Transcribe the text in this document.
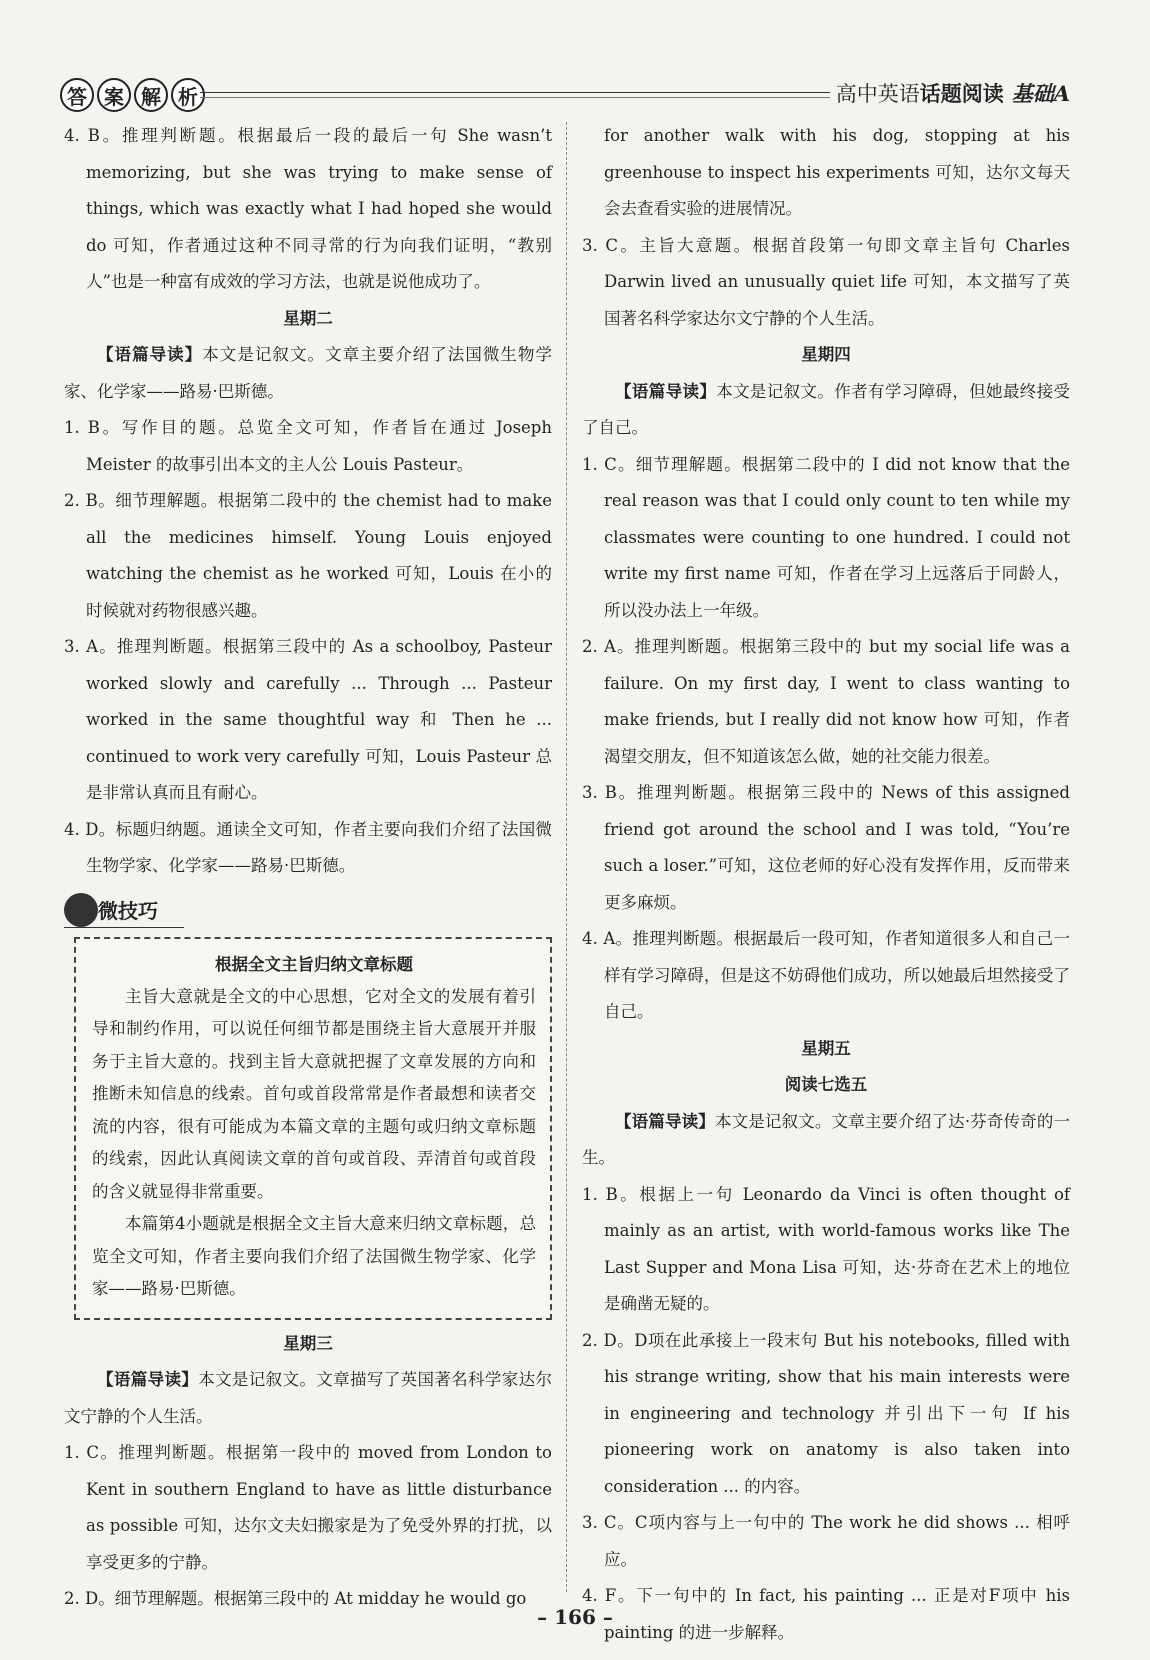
答 案 解 析	高中英语话题阅读 基础A

4. B。推理判断题。根据最后一段的最后一句 She wasn’t memorizing, but she was trying to make sense of things, which was exactly what I had hoped she would do 可知，作者通过这种不同寻常的行为向我们证明，“教别人”也是一种富有成效的学习方法，也就是说他成功了。

星期二

【语篇导读】本文是记叙文。文章主要介绍了法国微生物学家、化学家——路易·巴斯德。

1. B。写作目的题。总览全文可知，作者旨在通过 Joseph Meister 的故事引出本文的主人公 Louis Pasteur。

2. B。细节理解题。根据第二段中的 the chemist had to make all the medicines himself. Young Louis enjoyed watching the chemist as he worked 可知，Louis 在小的时候就对药物很感兴趣。

3. A。推理判断题。根据第三段中的 As a schoolboy, Pasteur worked slowly and carefully ... Through ... Pasteur worked in the same thoughtful way 和 Then he ... continued to work very carefully 可知，Louis Pasteur 总是非常认真而且有耐心。

4. D。标题归纳题。通读全文可知，作者主要向我们介绍了法国微生物学家、化学家——路易·巴斯德。

微技巧
根据全文主旨归纳文章标题

主旨大意就是全文的中心思想，它对全文的发展有着引导和制约作用，可以说任何细节都是围绕主旨大意展开并服务于主旨大意的。找到主旨大意就把握了文章发展的方向和推断未知信息的线索。首句或首段常常是作者最想和读者交流的内容，很有可能成为本篇文章的主题句或归纳文章标题的线索，因此认真阅读文章的首句或首段、弄清首句或首段的含义就显得非常重要。

本篇第4小题就是根据全文主旨大意来归纳文章标题，总览全文可知，作者主要向我们介绍了法国微生物学家、化学家——路易·巴斯德。

星期三

【语篇导读】本文是记叙文。文章描写了英国著名科学家达尔文宁静的个人生活。

1. C。推理判断题。根据第一段中的 moved from London to Kent in southern England to have as little disturbance as possible 可知，达尔文夫妇搬家是为了免受外界的打扰，以享受更多的宁静。

2. D。细节理解题。根据第三段中的 At midday he would go

for another walk with his dog, stopping at his greenhouse to inspect his experiments 可知，达尔文每天会去查看实验的进展情况。

3. C。主旨大意题。根据首段第一句即文章主旨句 Charles Darwin lived an unusually quiet life 可知，本文描写了英国著名科学家达尔文宁静的个人生活。

星期四

【语篇导读】本文是记叙文。作者有学习障碍，但她最终接受了自己。

1. C。细节理解题。根据第二段中的 I did not know that the real reason was that I could only count to ten while my classmates were counting to one hundred. I could not write my first name 可知，作者在学习上远落后于同龄人，所以没办法上一年级。

2. A。推理判断题。根据第三段中的 but my social life was a failure. On my first day, I went to class wanting to make friends, but I really did not know how 可知，作者渴望交朋友，但不知道该怎么做，她的社交能力很差。

3. B。推理判断题。根据第三段中的 News of this assigned friend got around the school and I was told, “You’re such a loser.”可知，这位老师的好心没有发挥作用，反而带来更多麻烦。

4. A。推理判断题。根据最后一段可知，作者知道很多人和自己一样有学习障碍，但是这不妨碍他们成功，所以她最后坦然接受了自己。

星期五
阅读七选五

【语篇导读】本文是记叙文。文章主要介绍了达·芬奇传奇的一生。

1. B。根据上一句 Leonardo da Vinci is often thought of mainly as an artist, with world-famous works like The Last Supper and Mona Lisa 可知，达·芬奇在艺术上的地位是确凿无疑的。

2. D。D项在此承接上一段末句 But his notebooks, filled with his strange writing, show that his main interests were in engineering and technology 并引出下一句 If his pioneering work on anatomy is also taken into consideration ... 的内容。

3. C。C项内容与上一句中的 The work he did shows ... 相呼应。

4. F。下一句中的 In fact, his painting ... 正是对F项中 his painting 的进一步解释。

– 166 –
